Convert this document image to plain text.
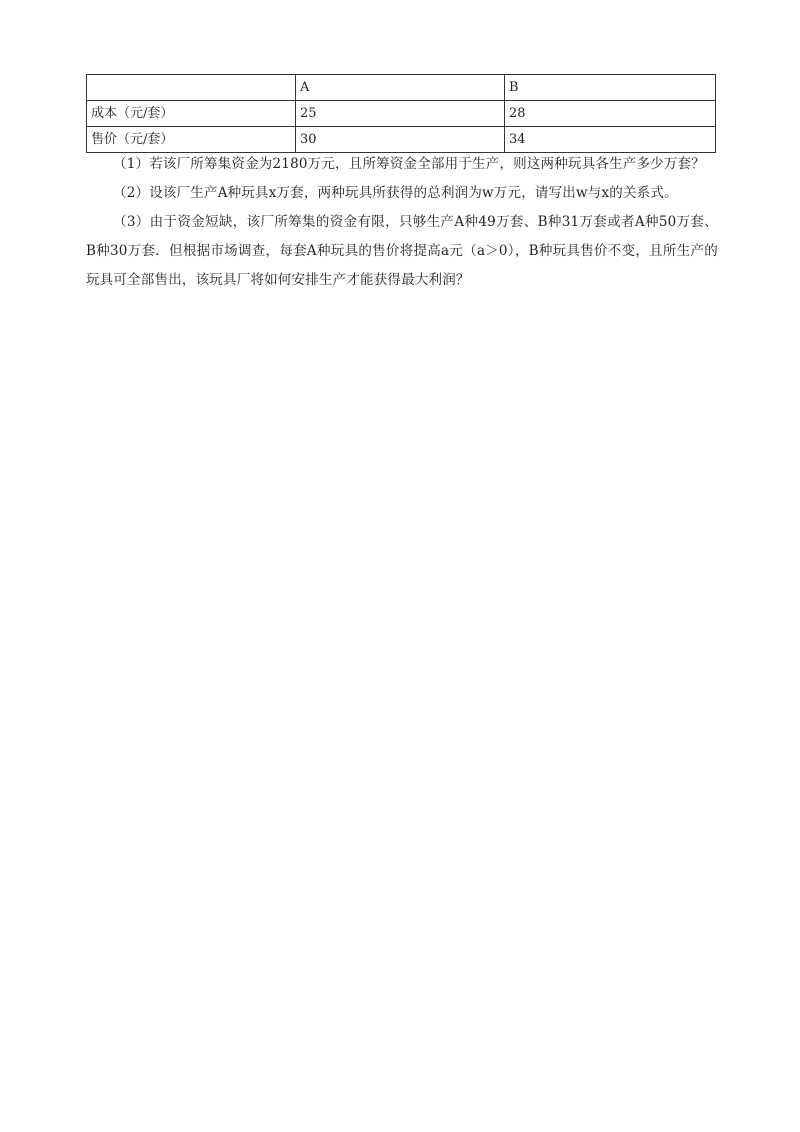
	A	B
成本（元/套）	25	28
售价（元/套）	30	34

（1）若该厂所筹集资金为2180万元，且所筹资金全部用于生产，则这两种玩具各生产多少万套？

（2）设该厂生产A种玩具x万套，两种玩具所获得的总利润为w万元，请写出w与x的关系式。

（3）由于资金短缺，该厂所筹集的资金有限，只够生产A种49万套、B种31万套或者A种50万套、B种30万套．但根据市场调查，每套A种玩具的售价将提高a元（a＞0），B种玩具售价不变，且所生产的玩具可全部售出，该玩具厂将如何安排生产才能获得最大利润？
